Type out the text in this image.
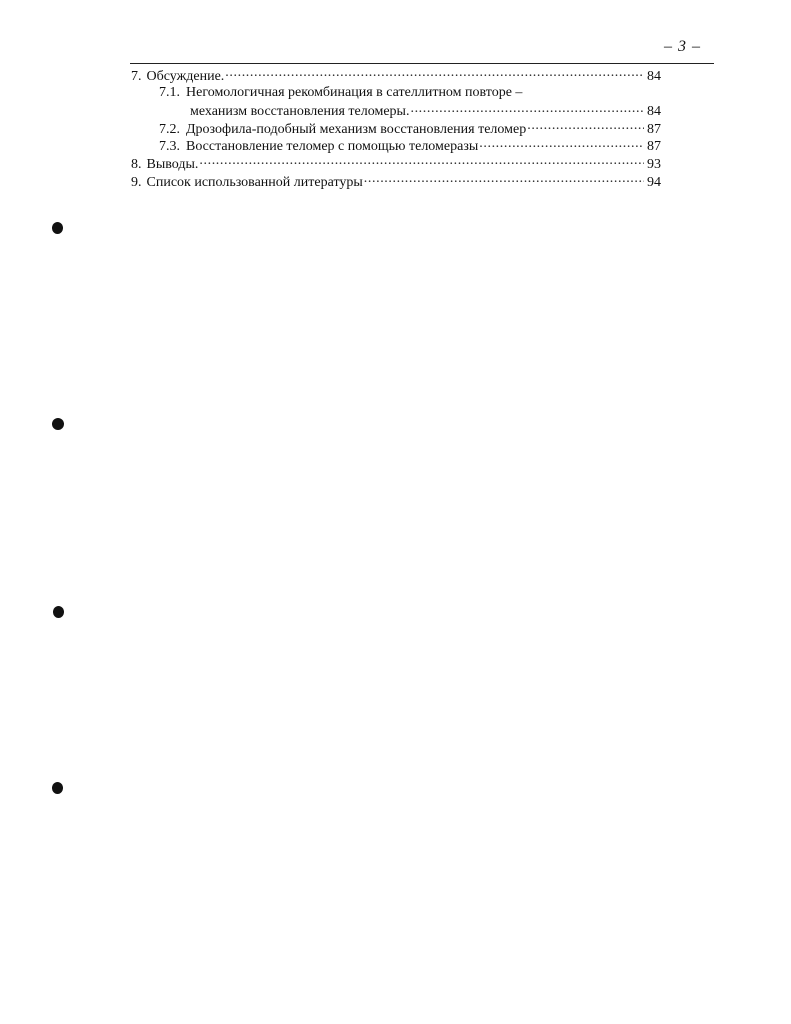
– 3 –
7. Обсуждение. .....	84
7.1. Негомологичная рекомбинация в сателлитном повторе –
механизм восстановления теломеры. .....	84
7.2. Дрозофила-подобный механизм восстановления теломер .....	87
7.3. Восстановление теломер с помощью теломеразы .....	87
8. Выводы. .....	93
9. Список использованной литературы .....	94
